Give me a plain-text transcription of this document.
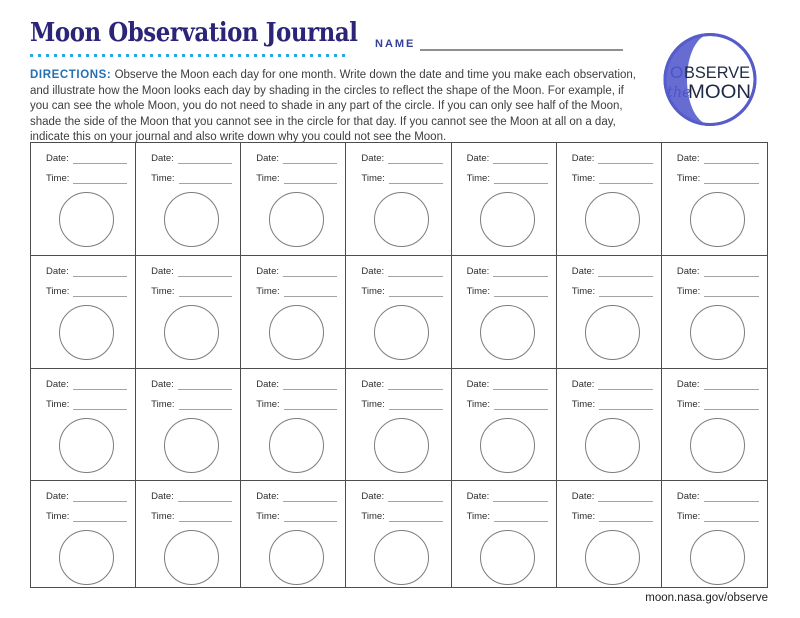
Moon Observation Journal NAME
O BSERVE
the
MOON

DIRECTIONS: Observe the Moon each day for one month. Write down the date and time you make each observation, and illustrate how the Moon looks each day by shading in the circles to reflect the shape of the Moon. For example, if you can see the whole Moon, you do not need to shade in any part of the circle. If you can only see half of the Moon, shade the side of the Moon that you cannot see in the circle for that day. If you cannot see the Moon at all on a day, indicate this on your journal and also write down why you could not see the Moon.

Date:
Time:
Date:
Time:
Date:
Time:
Date:
Time:
Date:
Time:
Date:
Time:
Date:
Time:
Date:
Time:
Date:
Time:
Date:
Time:
Date:
Time:
Date:
Time:
Date:
Time:
Date:
Time:
Date:
Time:
Date:
Time:
Date:
Time:
Date:
Time:
Date:
Time:
Date:
Time:
Date:
Time:
Date:
Time:
Date:
Time:
Date:
Time:
Date:
Time:
Date:
Time:
Date:
Time:
Date:
Time:
moon.nasa.gov/observe
